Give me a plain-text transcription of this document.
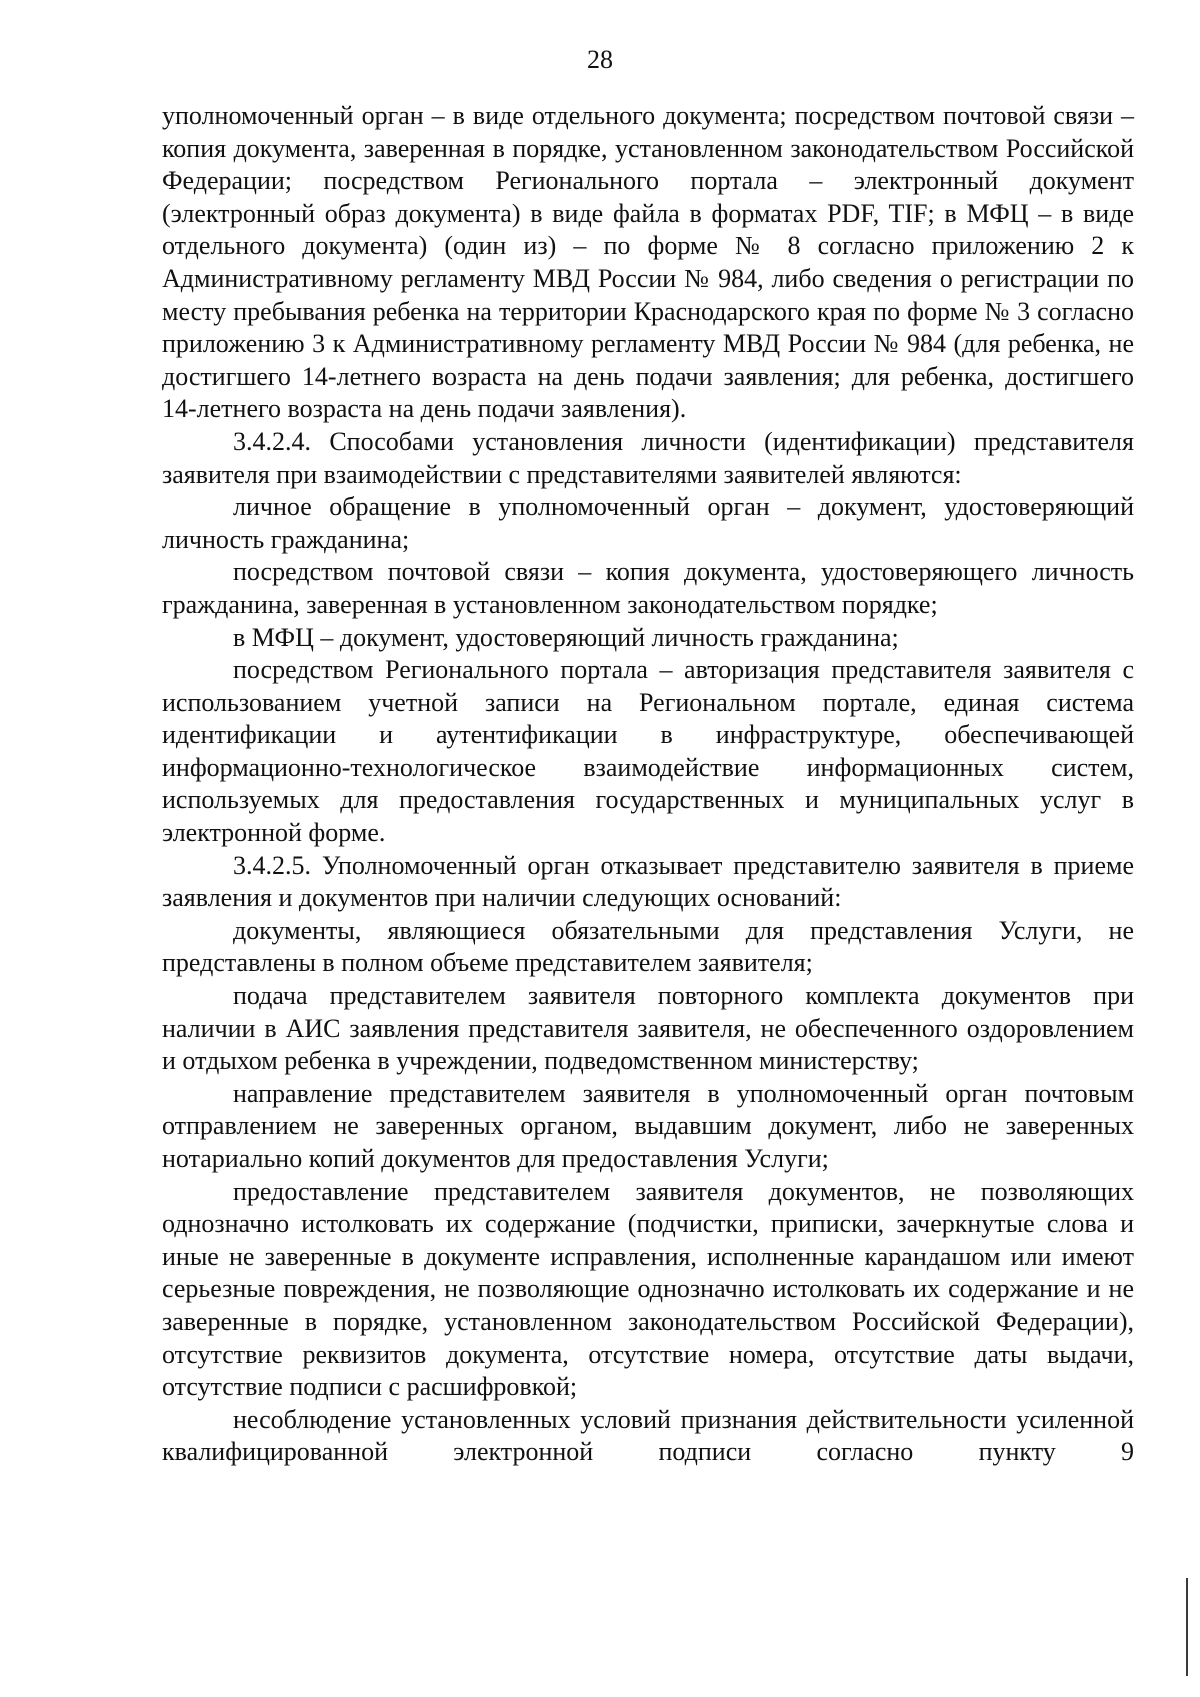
28

уполномоченный орган – в виде отдельного документа; посредством почтовой связи – копия документа, заверенная в порядке, установленном законодательством Российской Федерации; посредством Регионального портала – электронный документ (электронный образ документа) в виде файла в форматах PDF, TIF; в МФЦ – в виде отдельного документа) (один из) – по форме № 8 согласно приложению 2 к Административному регламенту МВД России № 984, либо сведения о регистрации по месту пребывания ребенка на территории Краснодарского края по форме № 3 согласно приложению 3 к Административному регламенту МВД России № 984 (для ребенка, не достигшего 14-летнего возраста на день подачи заявления; для ребенка, достигшего 14-летнего возраста на день подачи заявления).

3.4.2.4. Способами установления личности (идентификации) представителя заявителя при взаимодействии с представителями заявителей являются:

личное обращение в уполномоченный орган – документ, удостоверяющий личность гражданина;

посредством почтовой связи – копия документа, удостоверяющего личность гражданина, заверенная в установленном законодательством порядке;

в МФЦ – документ, удостоверяющий личность гражданина;

посредством Регионального портала – авторизация представителя заявителя с использованием учетной записи на Региональном портале, единая система идентификации и аутентификации в инфраструктуре, обеспечивающей информационно-технологическое взаимодействие информационных систем, используемых для предоставления государственных и муниципальных услуг в электронной форме.

3.4.2.5. Уполномоченный орган отказывает представителю заявителя в приеме заявления и документов при наличии следующих оснований:

документы, являющиеся обязательными для представления Услуги, не представлены в полном объеме представителем заявителя;

подача представителем заявителя повторного комплекта документов при наличии в АИС заявления представителя заявителя, не обеспеченного оздоровлением и отдыхом ребенка в учреждении, подведомственном министерству;

направление представителем заявителя в уполномоченный орган почтовым отправлением не заверенных органом, выдавшим документ, либо не заверенных нотариально копий документов для предоставления Услуги;

предоставление представителем заявителя документов, не позволяющих однозначно истолковать их содержание (подчистки, приписки, зачеркнутые слова и иные не заверенные в документе исправления, исполненные карандашом или имеют серьезные повреждения, не позволяющие однозначно истолковать их содержание и не заверенные в порядке, установленном законодательством Российской Федерации), отсутствие реквизитов документа, отсутствие номера, отсутствие даты выдачи, отсутствие подписи с расшифровкой;

несоблюдение установленных условий признания действительности усиленной квалифицированной электронной подписи согласно пункту 9
